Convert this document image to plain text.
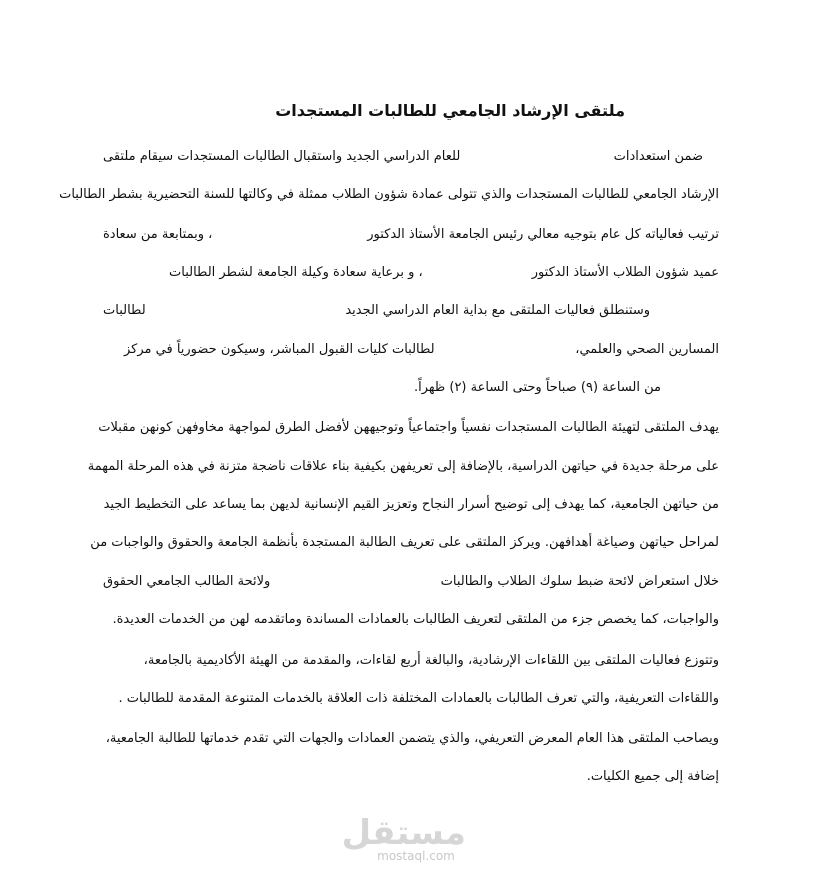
ملتقى الإرشاد الجامعي للطالبات المستجدات
ضمن استعدادات
للعام الدراسي الجديد واستقبال الطالبات المستجدات سيقام ملتقى
الإرشاد الجامعي للطالبات المستجدات والذي تتولى عمادة شؤون الطلاب ممثلة في وكالتها للسنة التحضيرية بشطر الطالبات
ترتيب فعالياته كل عام بتوجيه معالي رئيس الجامعة الأستاذ الدكتور
، وبمتابعة من سعادة
عميد شؤون الطلاب الأستاذ الدكتور
، و برعاية سعادة وكيلة الجامعة لشطر الطالبات
وستنطلق فعاليات الملتقى مع بداية العام الدراسي الجديد
لطالبات
المسارين الصحي والعلمي،
لطالبات كليات القبول المباشر، وسيكون حضورياً في مركز
من الساعة (٩) صباحاً وحتى الساعة (٢) ظهراً.
يهدف الملتقى لتهيئة الطالبات المستجدات نفسياً واجتماعياً وتوجيههن لأفضل الطرق لمواجهة مخاوفهن كونهن مقبلات
على مرحلة جديدة في حياتهن الدراسية، بالإضافة إلى تعريفهن بكيفية بناء علاقات ناضجة متزنة في هذه المرحلة المهمة
من حياتهن الجامعية، كما يهدف إلى توضيح أسرار النجاح وتعزيز القيم الإنسانية لديهن بما يساعد على التخطيط الجيد
لمراحل حياتهن وصياغة أهدافهن. ويركز الملتقى على تعريف الطالبة المستجدة بأنظمة الجامعة والحقوق والواجبات من
خلال استعراض لائحة ضبط سلوك الطلاب والطالبات
ولائحة الطالب الجامعي الحقوق
والواجبات، كما يخصص جزء من الملتقى لتعريف الطالبات بالعمادات المساندة وماتقدمه لهن من الخدمات العديدة.
وتتوزع فعاليات الملتقى بين اللقاءات الإرشادية، والبالغة أربع لقاءات، والمقدمة من الهيئة الأكاديمية بالجامعة،
واللقاءات التعريفية، والتي تعرف الطالبات بالعمادات المختلفة ذات العلاقة بالخدمات المتنوعة المقدمة للطالبات .
ويصاحب الملتقى هذا العام المعرض التعريفي، والذي يتضمن العمادات والجهات التي تقدم خدماتها للطالبة الجامعية،
إضافة إلى جميع الكليات.
مستقل
mostaql.com
